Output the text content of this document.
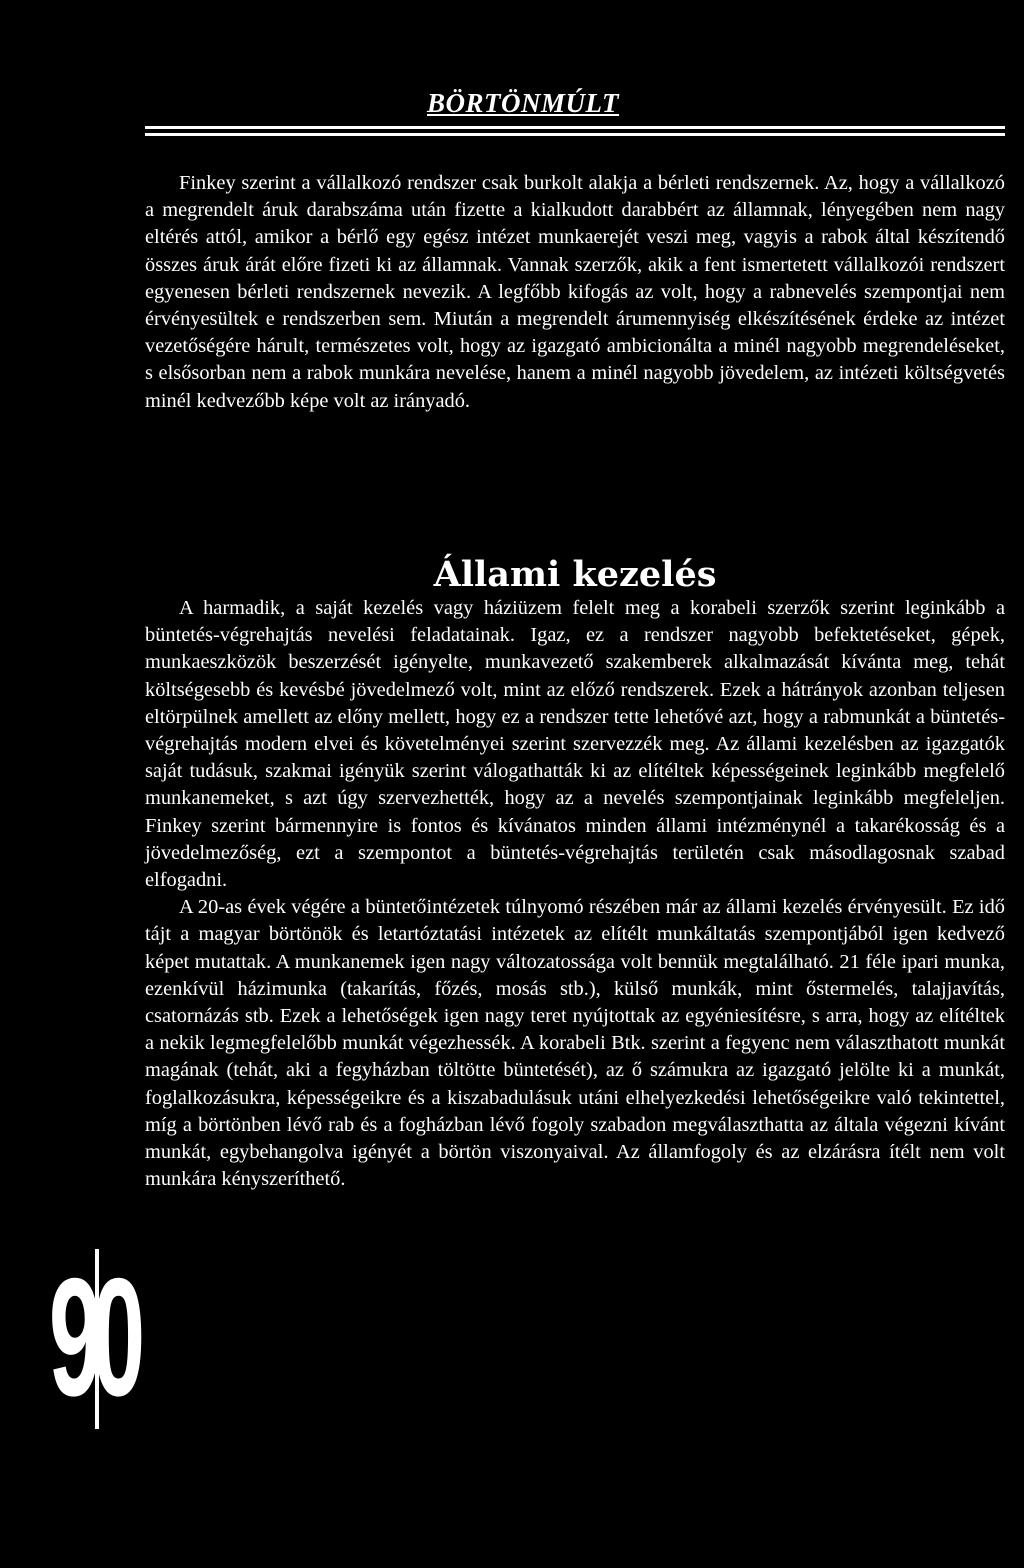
BÖRTÖNMÚLT

Finkey szerint a vállalkozó rendszer csak burkolt alakja a bérleti rendszernek. Az, hogy a vállalkozó a megrendelt áruk darabszáma után fizette a kialkudott darabbért az államnak, lényegében nem nagy eltérés attól, amikor a bérlő egy egész intézet munkaerejét veszi meg, vagyis a rabok által készítendő összes áruk árát előre fizeti ki az államnak. Vannak szerzők, akik a fent ismertetett vállalkozói rendszert egyenesen bérleti rendszernek nevezik. A legfőbb kifogás az volt, hogy a rabnevelés szempontjai nem érvényesültek e rendszerben sem. Miután a megrendelt árumennyiség elkészítésének érdeke az intézet vezetőségére hárult, természetes volt, hogy az igazgató ambicionálta a minél nagyobb megrendeléseket, s elsősorban nem a rabok munkára nevelése, hanem a minél nagyobb jövedelem, az intézeti költségvetés minél kedvezőbb képe volt az irányadó.

Állami kezelés

A harmadik, a saját kezelés vagy háziüzem felelt meg a korabeli szerzők szerint leginkább a büntetés-végrehajtás nevelési feladatainak. Igaz, ez a rendszer nagyobb befektetéseket, gépek, munkaeszközök beszerzését igényelte, munkavezető szakemberek alkalmazását kívánta meg, tehát költségesebb és kevésbé jövedelmező volt, mint az előző rendszerek. Ezek a hátrányok azonban teljesen eltörpülnek amellett az előny mellett, hogy ez a rendszer tette lehetővé azt, hogy a rabmunkát a büntetés-végrehajtás modern elvei és követelményei szerint szervezzék meg. Az állami kezelésben az igazgatók saját tudásuk, szakmai igényük szerint válogathatták ki az elítéltek képességeinek leginkább megfelelő munkanemeket, s azt úgy szervezhették, hogy az a nevelés szempontjainak leginkább megfeleljen. Finkey szerint bármennyire is fontos és kívánatos minden állami intézménynél a takarékosság és a jövedelmezőség, ezt a szempontot a büntetés-végrehajtás területén csak másodlagosnak szabad elfogadni.

A 20-as évek végére a büntetőintézetek túlnyomó részében már az állami kezelés érvényesült. Ez idő tájt a magyar börtönök és letartóztatási intézetek az elítélt munkáltatás szempontjából igen kedvező képet mutattak. A munkanemek igen nagy változatossága volt bennük megtalálható. 21 féle ipari munka, ezenkívül házimunka (takarítás, főzés, mosás stb.), külső munkák, mint őstermelés, talajjavítás, csatornázás stb. Ezek a lehetőségek igen nagy teret nyújtottak az egyéniesítésre, s arra, hogy az elítéltek a nekik legmegfelelőbb munkát végezhessék. A korabeli Btk. szerint a fegyenc nem választhatott munkát magának (tehát, aki a fegyházban töltötte büntetését), az ő számukra az igazgató jelölte ki a munkát, foglalkozásukra, képességeikre és a kiszabadulásuk utáni elhelyezkedési lehetőségeikre való tekintettel, míg a börtönben lévő rab és a fogházban lévő fogoly szabadon megválaszthatta az általa végezni kívánt munkát, egybehangolva igényét a börtön viszonyaival. Az államfogoly és az elzárásra ítélt nem volt munkára kényszeríthető.

9
0
